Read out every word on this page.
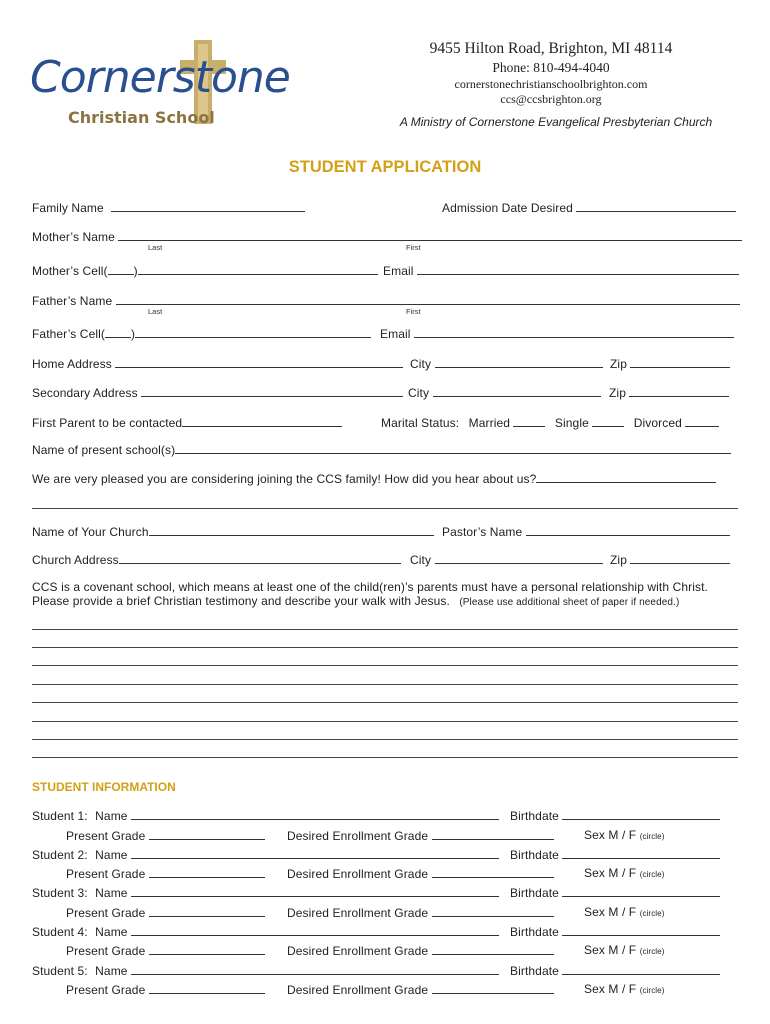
Cornerstone
Christian School
9455 Hilton Road, Brighton, MI 48114
Phone: 810-494-4040
cornerstonechristianschoolbrighton.com
ccs@ccsbrighton.org
A Ministry of Cornerstone Evangelical Presbyterian Church
STUDENT APPLICATION
Family Name	Admission Date Desired
Mother’s Name
Last	First
Mother’s Cell( )	Email
Father’s Name
Last	First
Father’s Cell( )	Email
Home Address	City	Zip
Secondary Address	City	Zip
First Parent to be contacted	Marital Status: Married	Single	Divorced
Name of present school(s)
We are very pleased you are considering joining the CCS family! How did you hear about us?
Name of Your Church	Pastor’s Name
Church Address	City	Zip
CCS is a covenant school, which means at least one of the child(ren)’s parents must have a personal relationship with Christ.
Please provide a brief Christian testimony and describe your walk with Jesus. (Please use additional sheet of paper if needed.)
STUDENT INFORMATION
Student 1: Name	Birthdate
Present Grade	Desired Enrollment Grade	Sex M / F (circle)
Student 2: Name	Birthdate
Present Grade	Desired Enrollment Grade	Sex M / F (circle)
Student 3: Name	Birthdate
Present Grade	Desired Enrollment Grade	Sex M / F (circle)
Student 4: Name	Birthdate
Present Grade	Desired Enrollment Grade	Sex M / F (circle)
Student 5: Name	Birthdate
Present Grade	Desired Enrollment Grade	Sex M / F (circle)
